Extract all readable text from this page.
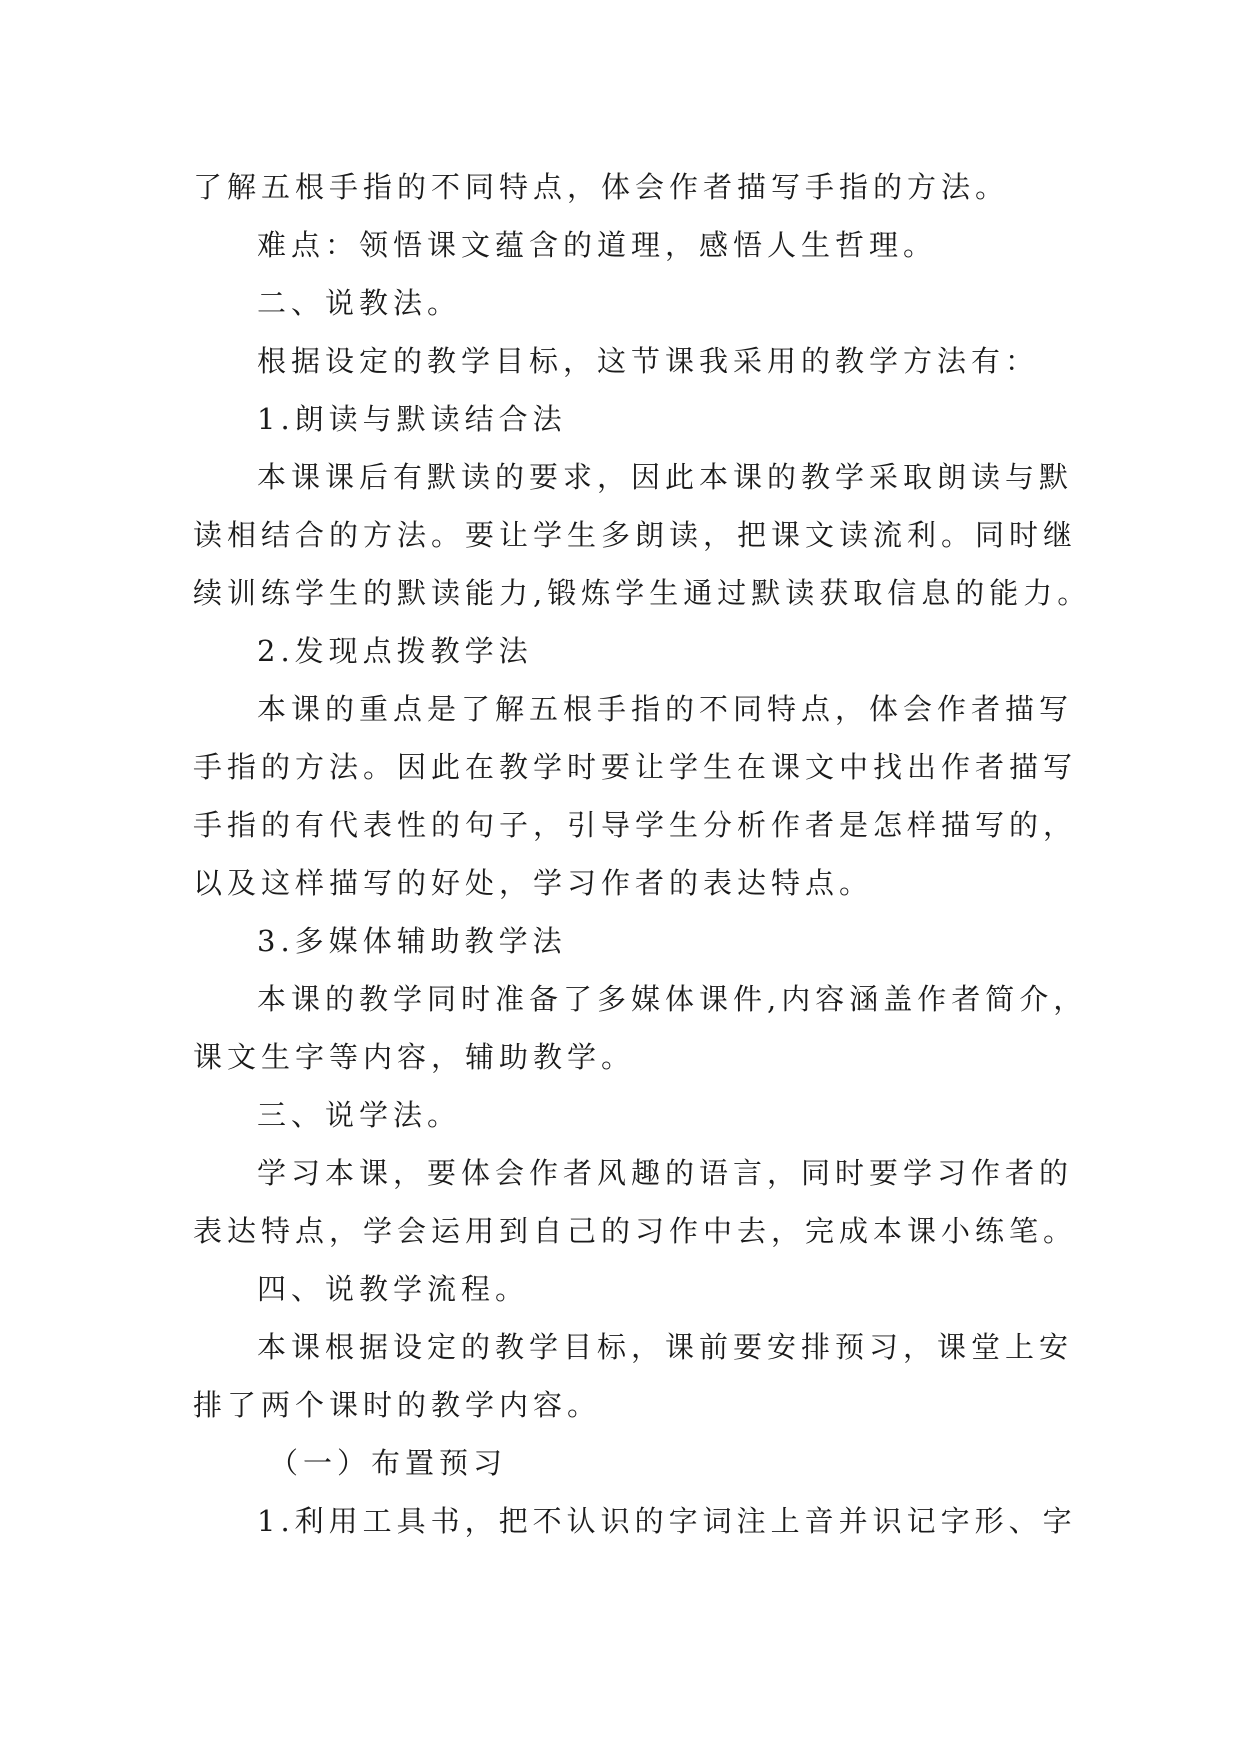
了解五根手指的不同特点，体会作者描写手指的方法。
难点：领悟课文蕴含的道理，感悟人生哲理。
二、说教法。
根据设定的教学目标，这节课我采用的教学方法有：
1.朗读与默读结合法
本课课后有默读的要求，因此本课的教学采取朗读与默
读相结合的方法。要让学生多朗读，把课文读流利。同时继
续训练学生的默读能力,锻炼学生通过默读获取信息的能力。
2.发现点拨教学法
本课的重点是了解五根手指的不同特点，体会作者描写
手指的方法。因此在教学时要让学生在课文中找出作者描写
手指的有代表性的句子，引导学生分析作者是怎样描写的，
以及这样描写的好处，学习作者的表达特点。
3.多媒体辅助教学法
本课的教学同时准备了多媒体课件,内容涵盖作者简介，
课文生字等内容，辅助教学。
三、说学法。
学习本课，要体会作者风趣的语言，同时要学习作者的
表达特点，学会运用到自己的习作中去，完成本课小练笔。
四、说教学流程。
本课根据设定的教学目标，课前要安排预习，课堂上安
排了两个课时的教学内容。
（一）布置预习
1.利用工具书，把不认识的字词注上音并识记字形、字
